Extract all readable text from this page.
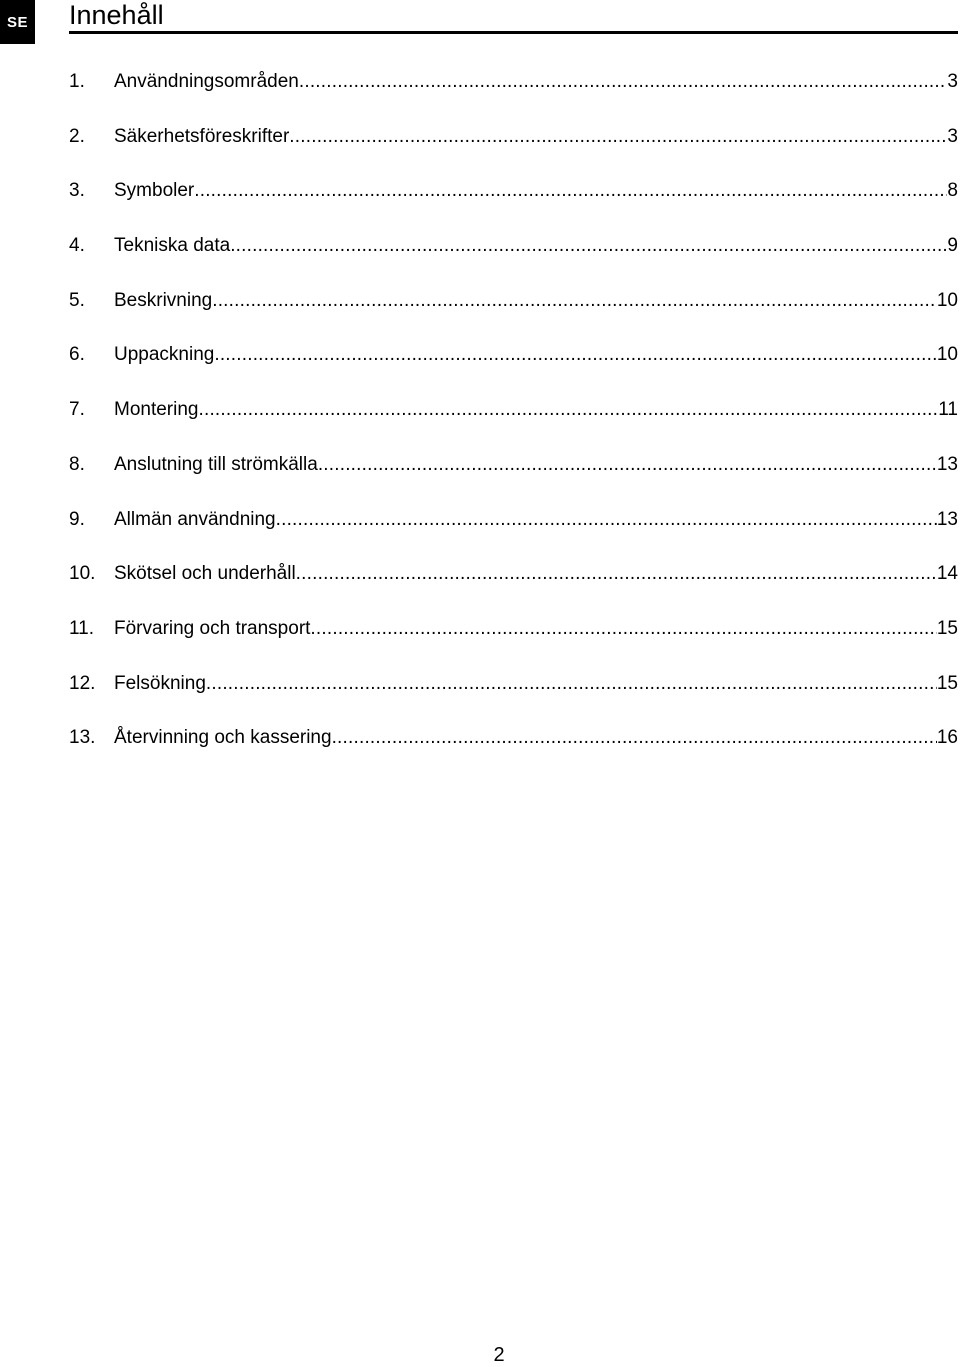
SE Innehåll
1.	Användningsområden .....	3
2.	Säkerhetsföreskrifter .....	3
3.	Symboler .....	8
4.	Tekniska data .....	9
5.	Beskrivning .....	10
6.	Uppackning .....	10
7.	Montering .....	11
8.	Anslutning till strömkälla .....	13
9.	Allmän användning .....	13
10. Skötsel och underhåll .....	14
11.	Förvaring och transport .....	15
12. Felsökning .....	15
13. Återvinning och kassering .....	16
2
